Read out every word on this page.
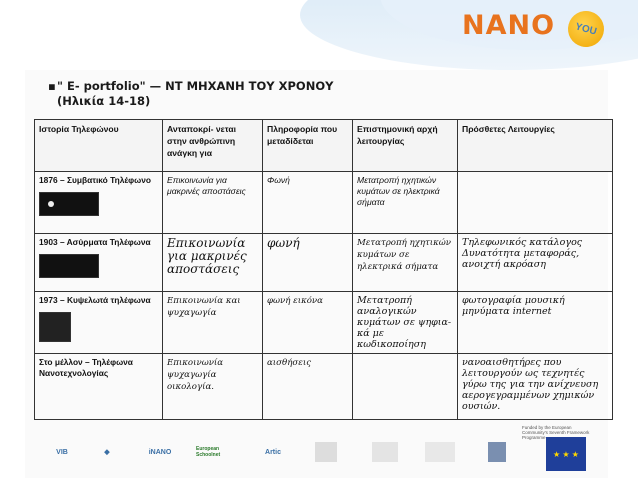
NANO	YOU
▪" E- portfolio" — ΝΤ ΜΗΧΑΝΗ ΤΟΥ ΧΡΟΝΟΥ
(Ηλικία 14-18)
Ιστορία Τηλεφώνου	Ανταποκρί- νεται στην ανθρώπινη ανάγκη για	Πληροφορία που μεταδίδεται	Επιστημονική αρχή λειτουργίας	Πρόσθετες Λειτουργίες

1876 – Συμβατικό Τηλέφωνο	Επικοινωνία για μακρινές αποστάσεις	Φωνή	Μετατροπή ηχητικών κυμάτων σε ηλεκτρικά σήματα	

1903 – Ασύρματα Τηλέφωνα	Επικοινωνία για μακρινές αποστάσεις	φωνή	Μετατροπή ηχητικών κυμάτων σε ηλεκτρικά σήματα	Τηλεφωνικός κατάλογος Δυνατότητα μεταφοράς, ανοιχτή ακρόαση

1973 – Κυψελωτά τηλέφωνα	Επικοινωνία και ψυχαγωγία	φωνή εικόνα	Μετατροπή αναλογικών κυμάτων σε ψηφια- κά με κωδικοποίηση	φωτογραφία μουσική μηνύματα internet

Στο μέλλον – Τηλέφωνα Νανοτεχνολογίας	Επικοινωνία ψυχαγωγία οικολογία.	αισθήσεις		νανοαισθητήρες που λειτουργούν ως τεχνητές γύρω της για την ανίχνευση αερογεγραμμένων χημικών ουσιών.
Funded by the European Community's Seventh Framework Programme
VIB	◆	iNANO	European Schoolnet	Artic	★ ★ ★
